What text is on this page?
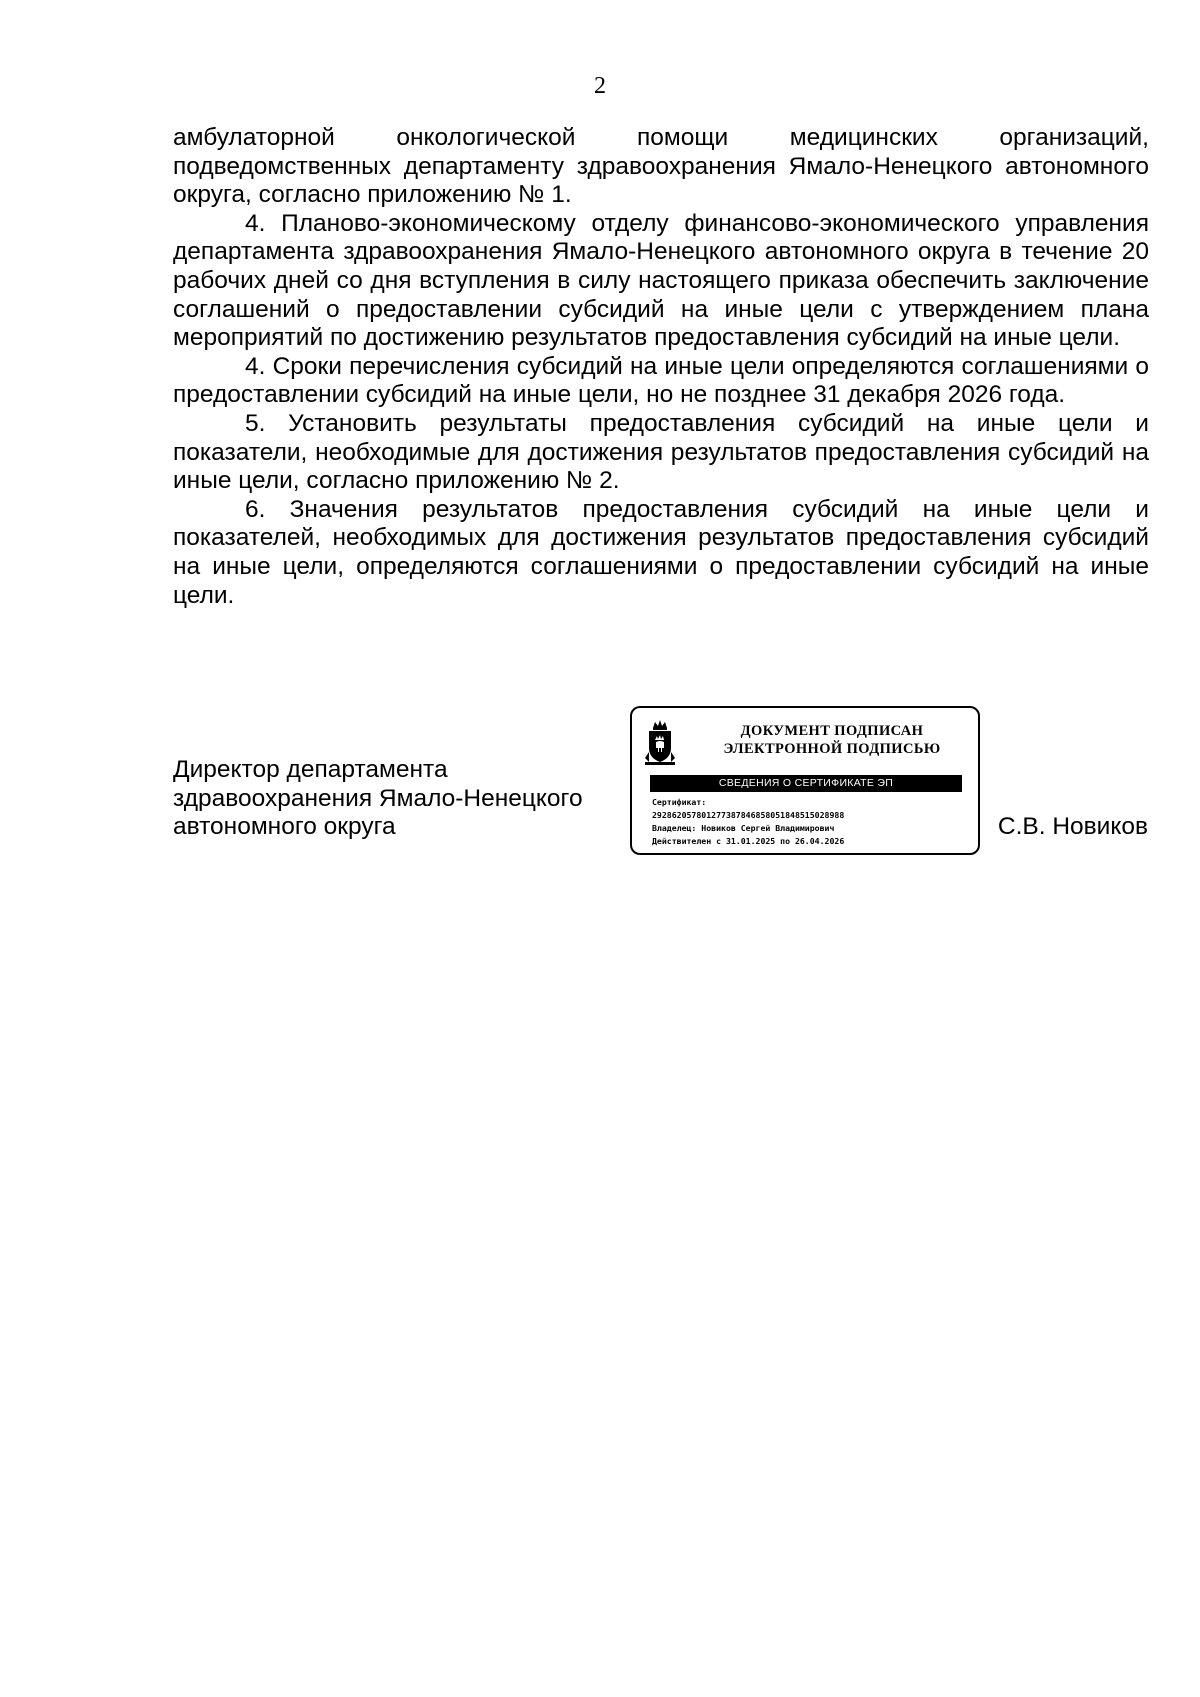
2

амбулаторной онкологической помощи медицинских организаций, подведомственных департаменту здравоохранения Ямало-Ненецкого автономного округа, согласно приложению № 1.

4. Планово-экономическому отделу финансово-экономического управления департамента здравоохранения Ямало-Ненецкого автономного округа в течение 20 рабочих дней со дня вступления в силу настоящего приказа обеспечить заключение соглашений о предоставлении субсидий на иные цели с утверждением плана мероприятий по достижению результатов предоставления субсидий на иные цели.

4. Сроки перечисления субсидий на иные цели определяются соглашениями о предоставлении субсидий на иные цели, но не позднее 31 декабря 2026 года.

5. Установить результаты предоставления субсидий на иные цели и показатели, необходимые для достижения результатов предоставления субсидий на иные цели, согласно приложению № 2.

6. Значения результатов предоставления субсидий на иные цели и показателей, необходимых для достижения результатов предоставления субсидий на иные цели, определяются соглашениями о предоставлении субсидий на иные цели.

Директор департамента
здравоохранения Ямало-Ненецкого
автономного округа
ДОКУМЕНТ ПОДПИСАН
ЭЛЕКТРОННОЙ ПОДПИСЬЮ
СВЕДЕНИЯ О СЕРТИФИКАТЕ ЭП
Сертификат:
292862057801277387846858051848515028988
Владелец: Новиков Сергей Владимирович
Действителен с 31.01.2025 по 26.04.2026
С.В. Новиков
